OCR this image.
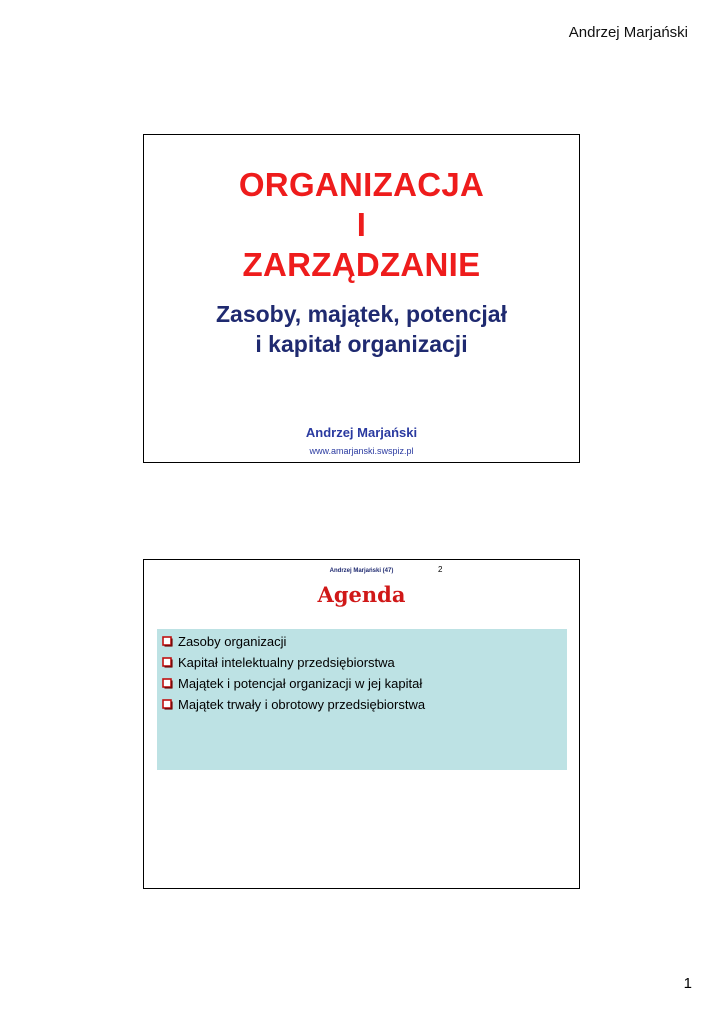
Andrzej Marjański
ORGANIZACJA
I
ZARZĄDZANIE
Zasoby, majątek, potencjał
i kapitał organizacji
Andrzej Marjański
www.amarjanski.swspiz.pl
Andrzej Marjański (47)	2
Agenda
Zasoby organizacji
Kapitał intelektualny przedsiębiorstwa
Majątek i potencjał organizacji w jej kapitał
Majątek trwały i obrotowy przedsiębiorstwa
1
